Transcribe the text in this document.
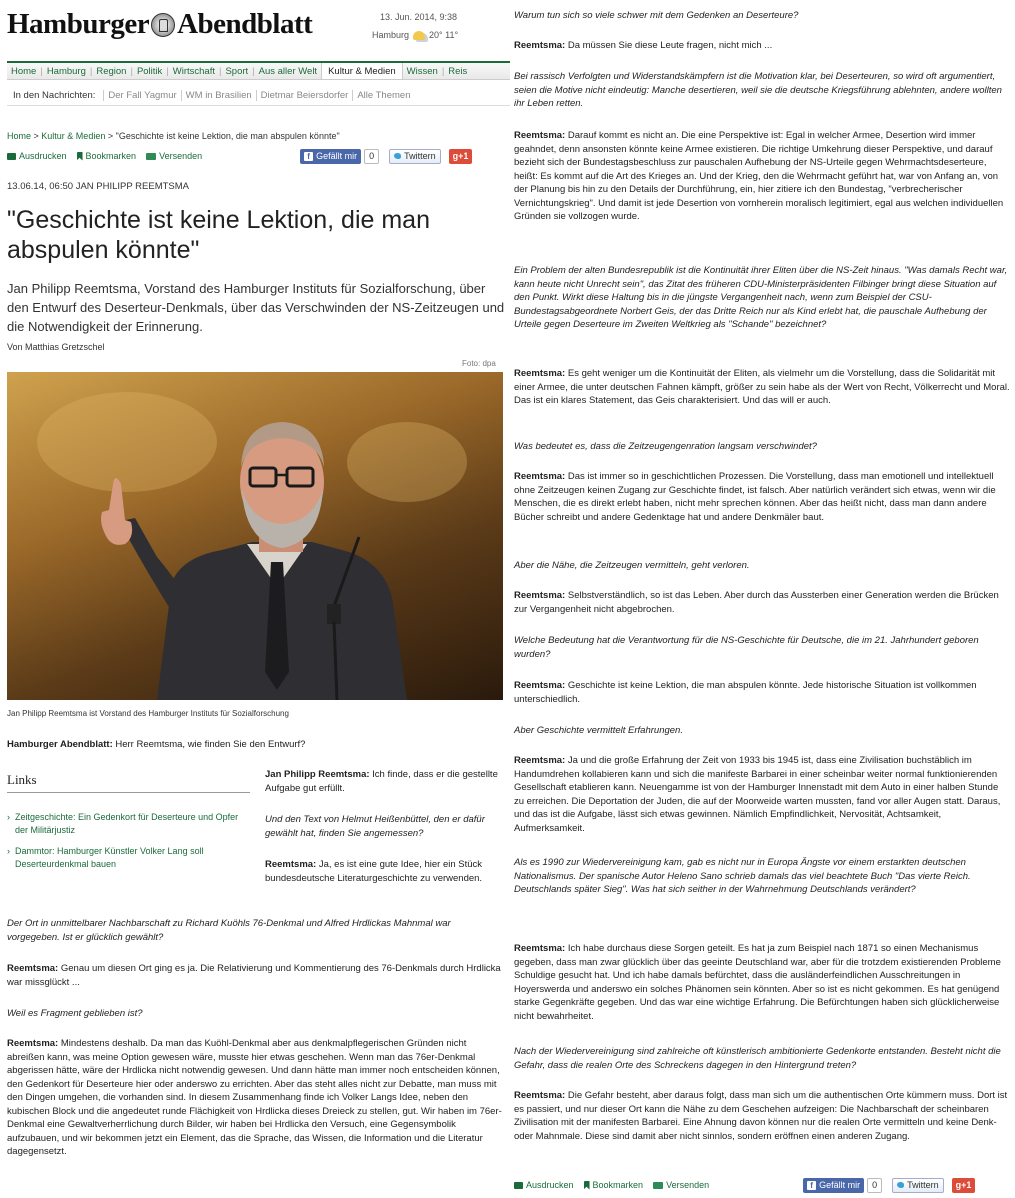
Hamburger Abendblatt	13. Jun. 2014, 9:38
Hamburg 20° 11°
Home | Hamburg | Region | Politik | Wirtschaft | Sport | Aus aller Welt	Kultur & Medien	Wissen | Reis
In den Nachrichten:	Der Fall Yagmur WM in Brasilien Dietmar Beiersdorfer Alle Themen
Home > Kultur & Medien > "Geschichte ist keine Lektion, die man abspulen könnte"
Ausdrucken Bookmarken	Versenden	f Gefällt mir	0	Twittern	g+1
13.06.14, 06:50 JAN PHILIPP REEMTSMA
"Geschichte ist keine Lektion, die man abspulen könnte"
Jan Philipp Reemtsma, Vorstand des Hamburger Instituts für Sozialforschung, über den Entwurf des Deserteur-Denkmals, über das Verschwinden der NS-Zeitzeugen und die Notwendigkeit der Erinnerung.
Von Matthias Gretzschel
Foto: dpa
Jan Philipp Reemtsma ist Vorstand des Hamburger Instituts für Sozialforschung
Hamburger Abendblatt: Herr Reemtsma, wie finden Sie den Entwurf?
Links
› Zeitgeschichte: Ein Gedenkort für Deserteure und Opfer der Militärjustiz
› Dammtor: Hamburger Künstler Volker Lang soll Deserteurdenkmal bauen
Jan Philipp Reemtsma: Ich finde, dass er die gestellte Aufgabe gut erfüllt.
Und den Text von Helmut Heißenbüttel, den er dafür gewählt hat, finden Sie angemessen?
Reemtsma: Ja, es ist eine gute Idee, hier ein Stück bundesdeutsche Literaturgeschichte zu verwenden.
Der Ort in unmittelbarer Nachbarschaft zu Richard Kuöhls 76-Denkmal und Alfred Hrdlickas Mahnmal war vorgegeben. Ist er glücklich gewählt?
Reemtsma: Genau um diesen Ort ging es ja. Die Relativierung und Kommentierung des 76-Denkmals durch Hrdlicka war missglückt ...
Weil es Fragment geblieben ist?
Reemtsma: Mindestens deshalb. Da man das Kuöhl-Denkmal aber aus denkmalpflegerischen Gründen nicht abreißen kann, was meine Option gewesen wäre, musste hier etwas geschehen. Wenn man das 76er-Denkmal abgerissen hätte, wäre der Hrdlicka nicht notwendig gewesen. Und dann hätte man immer noch entscheiden können, den Gedenkort für Deserteure hier oder anderswo zu errichten. Aber das steht alles nicht zur Debatte, man muss mit den Dingen umgehen, die vorhanden sind. In diesem Zusammenhang finde ich Volker Langs Idee, neben den kubischen Block und die angedeutet runde Flächigkeit von Hrdlicka dieses Dreieck zu stellen, gut. Wir haben im 76er-Denkmal eine Gewaltverherrlichung durch Bilder, wir haben bei Hrdlicka den Versuch, eine Gegensymbolik aufzubauen, und wir bekommen jetzt ein Element, das die Sprache, das Wissen, die Information und die Literatur dagegensetzt.
Warum tun sich so viele schwer mit dem Gedenken an Deserteure?
Reemtsma: Da müssen Sie diese Leute fragen, nicht mich ...
Bei rassisch Verfolgten und Widerstandskämpfern ist die Motivation klar, bei Deserteuren, so wird oft argumentiert, seien die Motive nicht eindeutig: Manche desertieren, weil sie die deutsche Kriegsführung ablehnten, andere wollten ihr Leben retten.
Reemtsma: Darauf kommt es nicht an. Die eine Perspektive ist: Egal in welcher Armee, Desertion wird immer geahndet, denn ansonsten könnte keine Armee existieren. Die richtige Umkehrung dieser Perspektive, und darauf bezieht sich der Bundestagsbeschluss zur pauschalen Aufhebung der NS-Urteile gegen Wehrmachtsdeserteure, heißt: Es kommt auf die Art des Krieges an. Und der Krieg, den die Wehrmacht geführt hat, war von Anfang an, von der Planung bis hin zu den Details der Durchführung, ein, hier zitiere ich den Bundestag, "verbrecherischer Vernichtungskrieg". Und damit ist jede Desertion von vornherein moralisch legitimiert, egal aus welchen individuellen Gründen sie vollzogen wurde.
Ein Problem der alten Bundesrepublik ist die Kontinuität ihrer Eliten über die NS-Zeit hinaus. "Was damals Recht war, kann heute nicht Unrecht sein", das Zitat des früheren CDU-Ministerpräsidenten Filbinger bringt diese Situation auf den Punkt. Wirkt diese Haltung bis in die jüngste Vergangenheit nach, wenn zum Beispiel der CSU-Bundestagsabgeordnete Norbert Geis, der das Dritte Reich nur als Kind erlebt hat, die pauschale Aufhebung der Urteile gegen Deserteure im Zweiten Weltkrieg als "Schande" bezeichnet?
Reemtsma: Es geht weniger um die Kontinuität der Eliten, als vielmehr um die Vorstellung, dass die Solidarität mit einer Armee, die unter deutschen Fahnen kämpft, größer zu sein habe als der Wert von Recht, Völkerrecht und Moral. Das ist ein klares Statement, das Geis charakterisiert. Und das will er auch.
Was bedeutet es, dass die Zeitzeugengenration langsam verschwindet?
Reemtsma: Das ist immer so in geschichtlichen Prozessen. Die Vorstellung, dass man emotionell und intellektuell ohne Zeitzeugen keinen Zugang zur Geschichte findet, ist falsch. Aber natürlich verändert sich etwas, wenn wir die Menschen, die es direkt erlebt haben, nicht mehr sprechen können. Aber das heißt nicht, dass man dann andere Bücher schreibt und andere Gedenktage hat und andere Denkmäler baut.
Aber die Nähe, die Zeitzeugen vermitteln, geht verloren.
Reemtsma: Selbstverständlich, so ist das Leben. Aber durch das Aussterben einer Generation werden die Brücken zur Vergangenheit nicht abgebrochen.
Welche Bedeutung hat die Verantwortung für die NS-Geschichte für Deutsche, die im 21. Jahrhundert geboren wurden?
Reemtsma: Geschichte ist keine Lektion, die man abspulen könnte. Jede historische Situation ist vollkommen unterschiedlich.
Aber Geschichte vermittelt Erfahrungen.
Reemtsma: Ja und die große Erfahrung der Zeit von 1933 bis 1945 ist, dass eine Zivilisation buchstäblich im Handumdrehen kollabieren kann und sich die manifeste Barbarei in einer scheinbar weiter normal funktionierenden Gesellschaft etablieren kann. Neuengamme ist von der Hamburger Innenstadt mit dem Auto in einer halben Stunde zu erreichen. Die Deportation der Juden, die auf der Moorweide warten mussten, fand vor aller Augen statt. Daraus, und das ist die Aufgabe, lässt sich etwas gewinnen. Nämlich Empfindlichkeit, Nervosität, Achtsamkeit, Aufmerksamkeit.
Als es 1990 zur Wiedervereinigung kam, gab es nicht nur in Europa Ängste vor einem erstarkten deutschen Nationalismus. Der spanische Autor Heleno Sano schrieb damals das viel beachtete Buch "Das vierte Reich. Deutschlands später Sieg". Was hat sich seither in der Wahrnehmung Deutschlands verändert?
Reemtsma: Ich habe durchaus diese Sorgen geteilt. Es hat ja zum Beispiel nach 1871 so einen Mechanismus gegeben, dass man zwar glücklich über das geeinte Deutschland war, aber für die trotzdem existierenden Probleme Schuldige gesucht hat. Und ich habe damals befürchtet, dass die ausländerfeindlichen Ausschreitungen in Hoyerswerda und anderswo ein solches Phänomen sein könnten. Aber so ist es nicht gekommen. Es hat genügend starke Gegenkräfte gegeben. Und das war eine wichtige Erfahrung. Die Befürchtungen haben sich glücklicherweise nicht bewahrheitet.
Nach der Wiedervereinigung sind zahlreiche oft künstlerisch ambitionierte Gedenkorte entstanden. Besteht nicht die Gefahr, dass die realen Orte des Schreckens dagegen in den Hintergrund treten?
Reemtsma: Die Gefahr besteht, aber daraus folgt, dass man sich um die authentischen Orte kümmern muss. Dort ist es passiert, und nur dieser Ort kann die Nähe zu dem Geschehen aufzeigen: Die Nachbarschaft der scheinbaren Zivilisation mit der manifesten Barbarei. Eine Ahnung davon können nur die realen Orte vermitteln und keine Denk- oder Mahnmale. Diese sind damit aber nicht sinnlos, sondern eröffnen einen anderen Zugang.
Ausdrucken Bookmarken	Versenden	f Gefällt mir	0	Twittern	g+1
